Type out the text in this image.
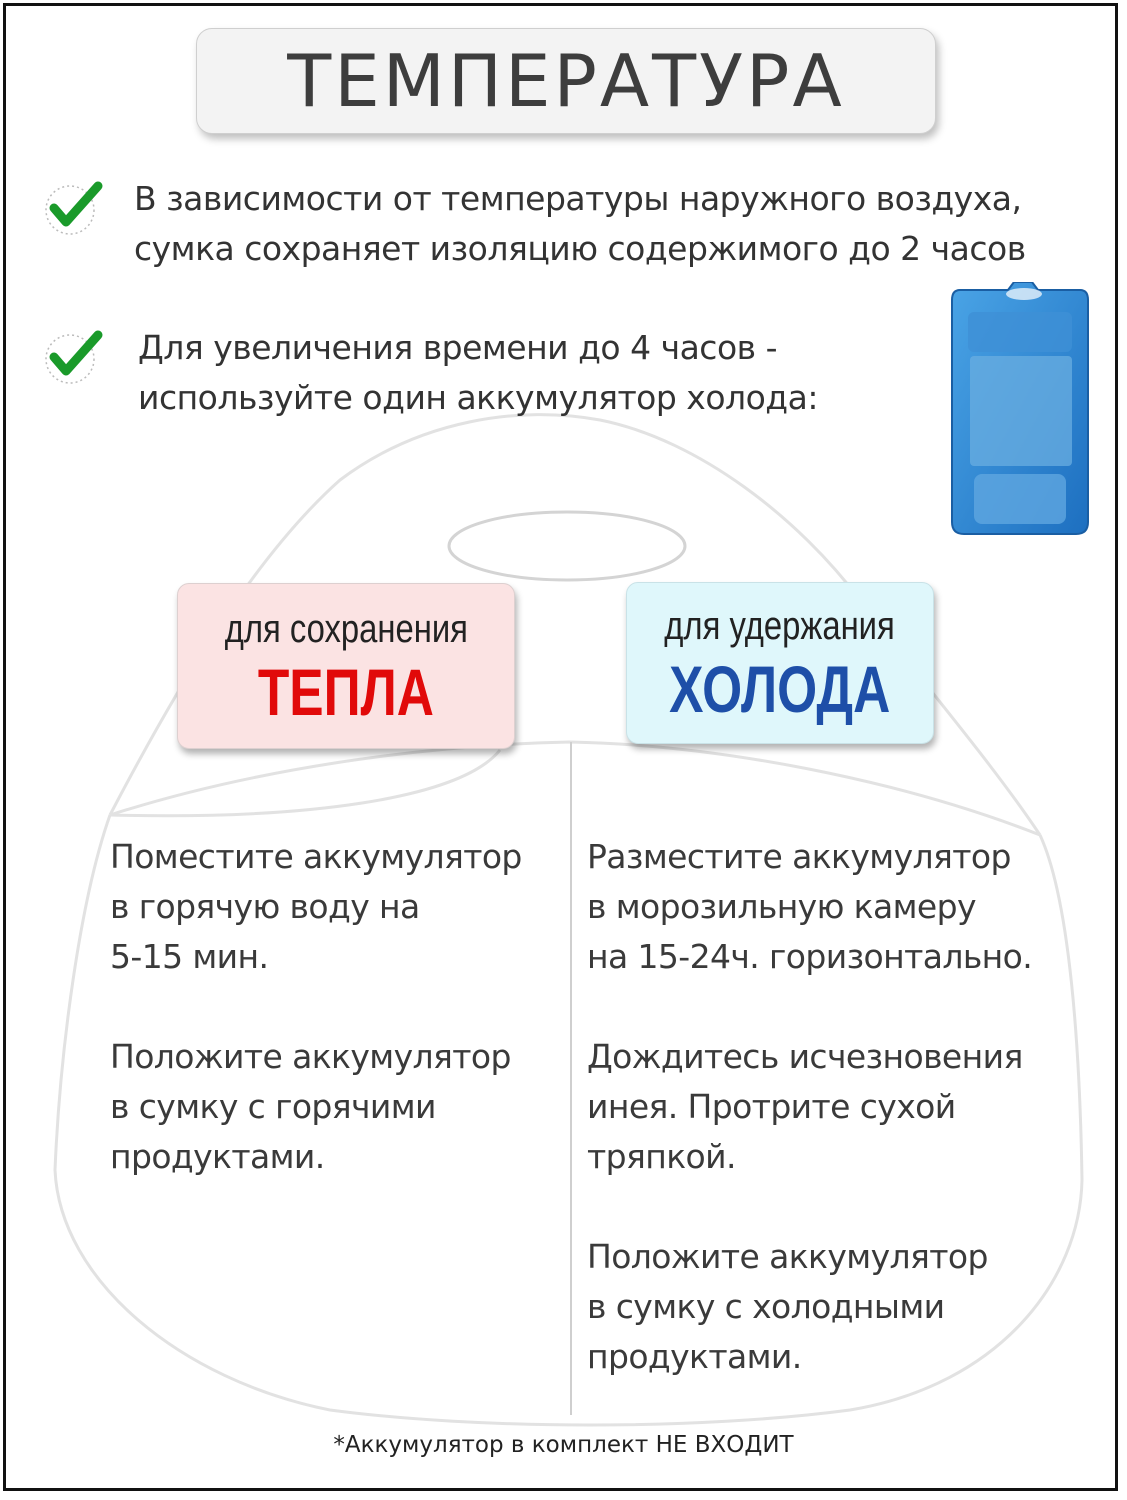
ТЕМПЕРАТУРА
В зависимости от температуры наружного воздуха,
сумка сохраняет изоляцию содержимого до 2 часов
Для увеличения времени до 4 часов -
используйте один аккумулятор холода:
для сохранения
ТЕПЛА
для удержания
ХОЛОДА

Поместите аккумулятор
в горячую воду на
5-15 мин.

Положите аккумулятор
в сумку с горячими
продуктами.

Разместите аккумулятор
в морозильную камеру
на 15-24ч. горизонтально.

Дождитесь исчезновения
инея. Протрите сухой
тряпкой.

Положите аккумулятор
в сумку с холодными
продуктами.

*Аккумулятор в комплект НЕ ВХОДИТ
